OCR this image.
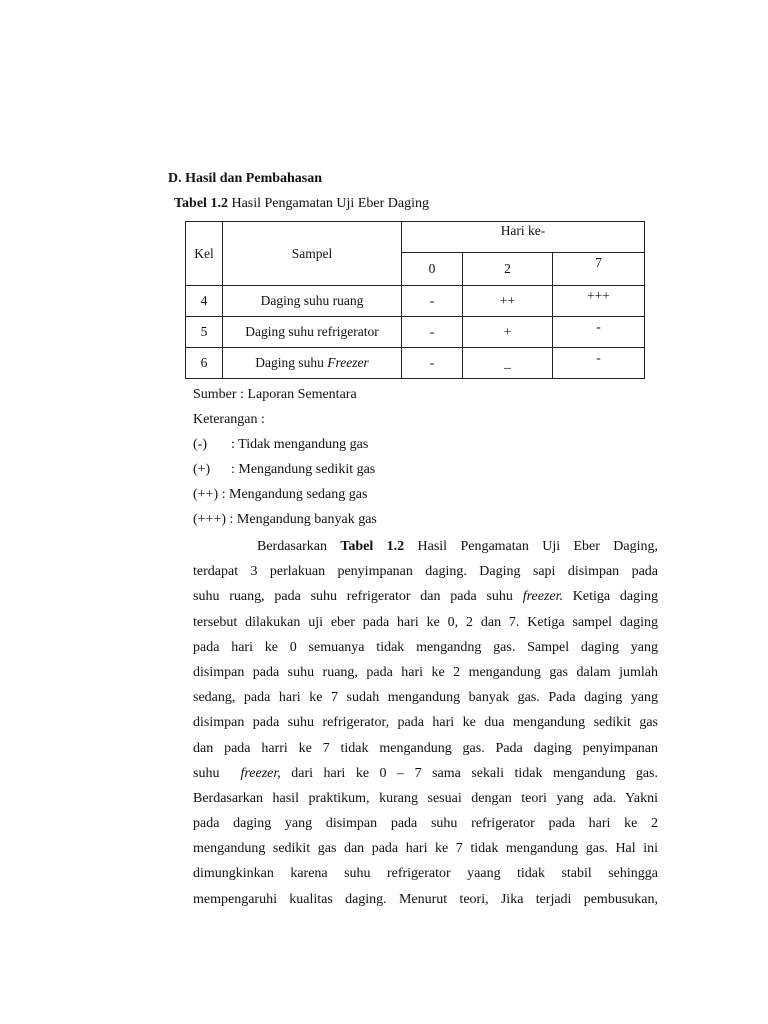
D. Hasil dan Pembahasan
Tabel 1.2 Hasil Pengamatan Uji Eber Daging
Kel	Sampel	Hari ke-		
		0	2	7
4	Daging suhu ruang	-	++	+++
5	Daging suhu refrigerator	-	+	-
6	Daging suhu Freezer	-	_	-
Sumber : Laporan Sementara
Keterangan :
(-) : Tidak mengandung gas
(+) : Mengandung sedikit gas
(++) : Mengandung sedang gas
(+++) : Mengandung banyak gas
Berdasarkan Tabel 1.2 Hasil Pengamatan Uji Eber Daging,
terdapat 3 perlakuan penyimpanan daging. Daging sapi disimpan pada
suhu ruang, pada suhu refrigerator dan pada suhu freezer. Ketiga daging
tersebut dilakukan uji eber pada hari ke 0, 2 dan 7. Ketiga sampel daging
pada hari ke 0 semuanya tidak mengandng gas. Sampel daging yang
disimpan pada suhu ruang, pada hari ke 2 mengandung gas dalam jumlah
sedang, pada hari ke 7 sudah mengandung banyak gas. Pada daging yang
disimpan pada suhu refrigerator, pada hari ke dua mengandung sedikit gas
dan pada harri ke 7 tidak mengandung gas. Pada daging penyimpanan
suhu  freezer, dari hari ke 0 – 7 sama sekali tidak mengandung gas.
Berdasarkan hasil praktikum, kurang sesuai dengan teori yang ada. Yakni
pada daging yang disimpan pada suhu refrigerator pada hari ke 2
mengandung sedikit gas dan pada hari ke 7 tidak mengandung gas. Hal ini
dimungkinkan karena suhu refrigerator yaang tidak stabil sehingga
mempengaruhi kualitas daging. Menurut teori, Jika terjadi pembusukan,
